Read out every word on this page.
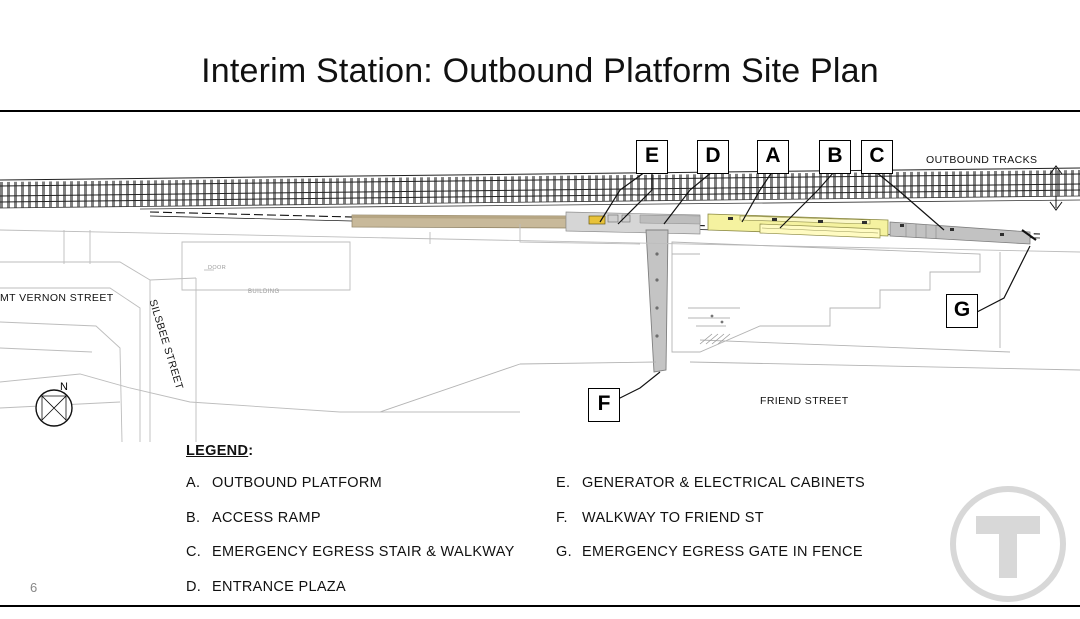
Interim Station: Outbound Platform Site Plan
OUTBOUND TRACKS
MT VERNON STREET	SILSBEE STREET
FRIEND STREET
BUILDING
DOOR
N
E	D	A	B	C
G
F
LEGEND:
A. OUTBOUND PLATFORM
B. ACCESS RAMP
C. EMERGENCY EGRESS STAIR & WALKWAY
D. ENTRANCE PLAZA
E. GENERATOR & ELECTRICAL CABINETS
F. WALKWAY TO FRIEND ST
G. EMERGENCY EGRESS GATE IN FENCE
6
